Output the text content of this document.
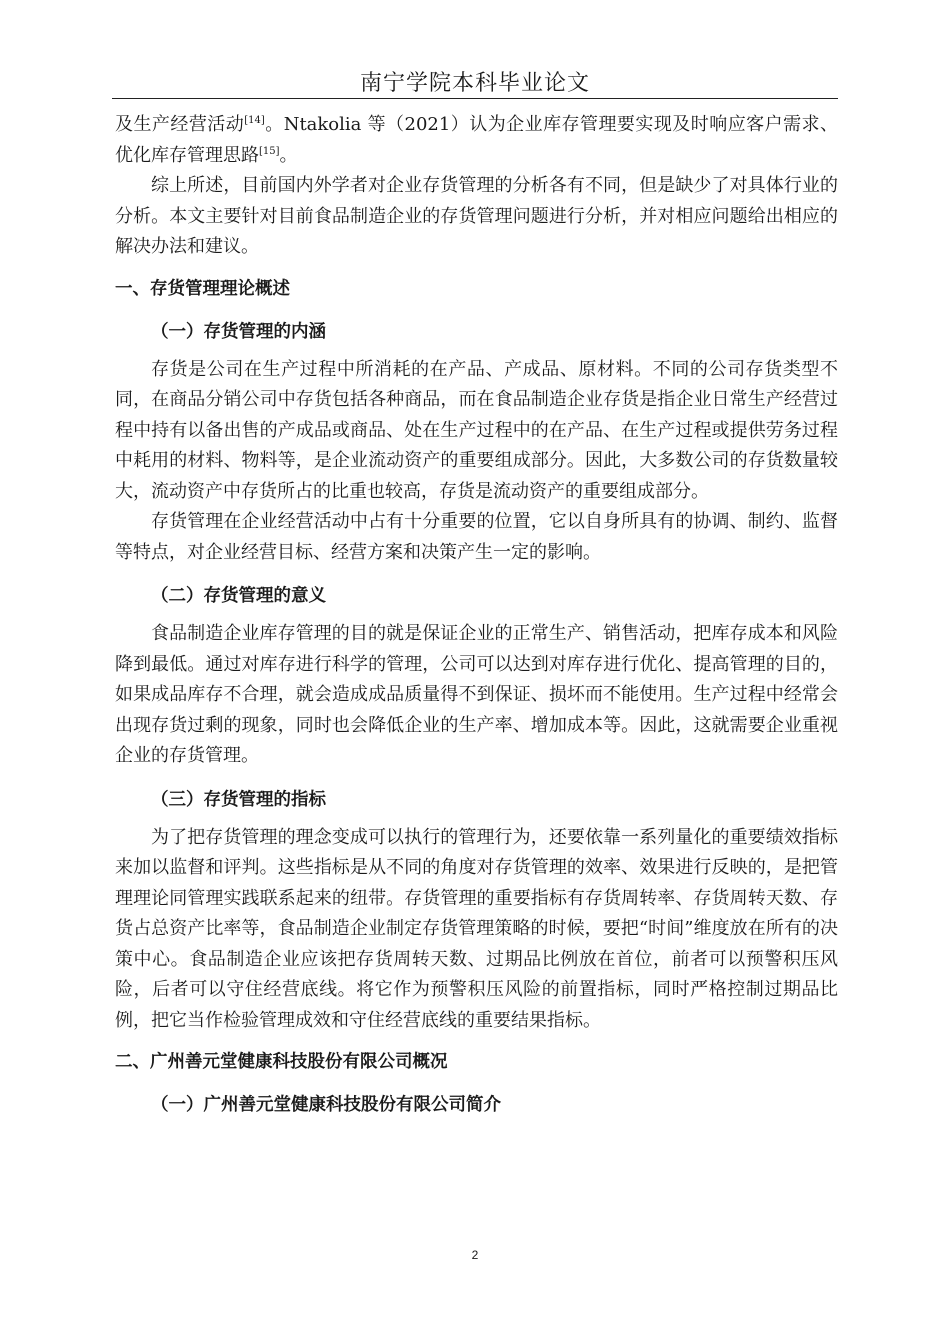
南宁学院本科毕业论文

及生产经营活动[14]。Ntakolia 等（2021）认为企业库存管理要实现及时响应客户需求、优化库存管理思路[15]。

综上所述，目前国内外学者对企业存货管理的分析各有不同，但是缺少了对具体行业的分析。本文主要针对目前食品制造企业的存货管理问题进行分析，并对相应问题给出相应的解决办法和建议。

一、存货管理理论概述

（一）存货管理的内涵

存货是公司在生产过程中所消耗的在产品、产成品、原材料。不同的公司存货类型不同，在商品分销公司中存货包括各种商品，而在食品制造企业存货是指企业日常生产经营过程中持有以备出售的产成品或商品、处在生产过程中的在产品、在生产过程或提供劳务过程中耗用的材料、物料等，是企业流动资产的重要组成部分。因此，大多数公司的存货数量较大，流动资产中存货所占的比重也较高，存货是流动资产的重要组成部分。

存货管理在企业经营活动中占有十分重要的位置，它以自身所具有的协调、制约、监督等特点，对企业经营目标、经营方案和决策产生一定的影响。

（二）存货管理的意义

食品制造企业库存管理的目的就是保证企业的正常生产、销售活动，把库存成本和风险降到最低。通过对库存进行科学的管理，公司可以达到对库存进行优化、提高管理的目的，如果成品库存不合理，就会造成成品质量得不到保证、损坏而不能使用。生产过程中经常会出现存货过剩的现象，同时也会降低企业的生产率、增加成本等。因此，这就需要企业重视企业的存货管理。

（三）存货管理的指标

为了把存货管理的理念变成可以执行的管理行为，还要依靠一系列量化的重要绩效指标来加以监督和评判。这些指标是从不同的角度对存货管理的效率、效果进行反映的，是把管理理论同管理实践联系起来的纽带。存货管理的重要指标有存货周转率、存货周转天数、存货占总资产比率等，食品制造企业制定存货管理策略的时候，要把“时间”维度放在所有的决策中心。食品制造企业应该把存货周转天数、过期品比例放在首位，前者可以预警积压风险，后者可以守住经营底线。将它作为预警积压风险的前置指标，同时严格控制过期品比例，把它当作检验管理成效和守住经营底线的重要结果指标。

二、广州善元堂健康科技股份有限公司概况

（一）广州善元堂健康科技股份有限公司简介

2
